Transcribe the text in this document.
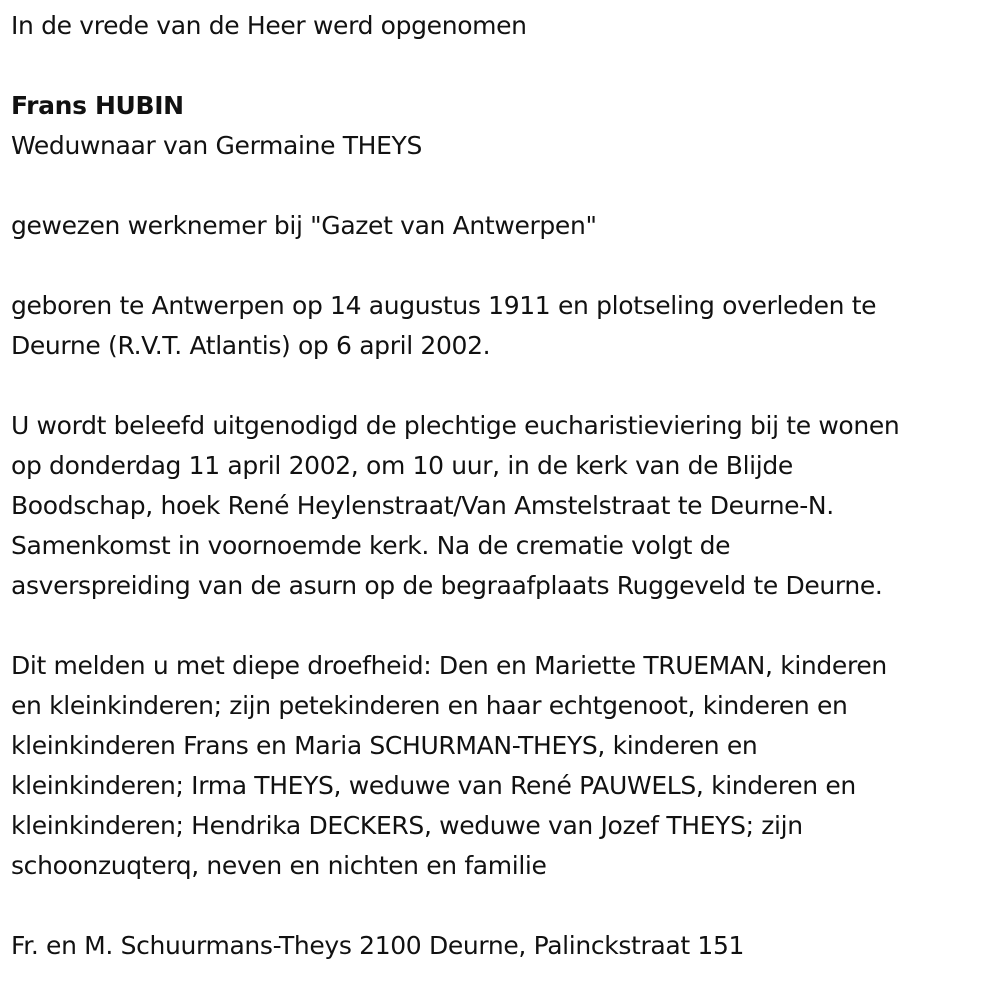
In de vrede van de Heer werd opgenomen
Frans HUBIN
Weduwnaar van Germaine THEYS
gewezen werknemer bij "Gazet van Antwerpen"
geboren te Antwerpen op 14 augustus 1911 en plotseling overleden te
Deurne (R.V.T. Atlantis) op 6 april 2002.
U wordt beleefd uitgenodigd de plechtige eucharistieviering bij te wonen
op donderdag 11 april 2002, om 10 uur, in de kerk van de Blijde
Boodschap, hoek René Heylenstraat/Van Amstelstraat te Deurne-N.
Samenkomst in voornoemde kerk. Na de crematie volgt de
asverspreiding van de asurn op de begraafplaats Ruggeveld te Deurne.
Dit melden u met diepe droefheid: Den en Mariette TRUEMAN, kinderen
en kleinkinderen; zijn petekinderen en haar echtgenoot, kinderen en
kleinkinderen Frans en Maria SCHURMAN-THEYS, kinderen en
kleinkinderen; Irma THEYS, weduwe van René PAUWELS, kinderen en
kleinkinderen; Hendrika DECKERS, weduwe van Jozef THEYS; zijn
schoonzuqterq, neven en nichten en familie
Fr. en M. Schuurmans-Theys 2100 Deurne, Palinckstraat 151
